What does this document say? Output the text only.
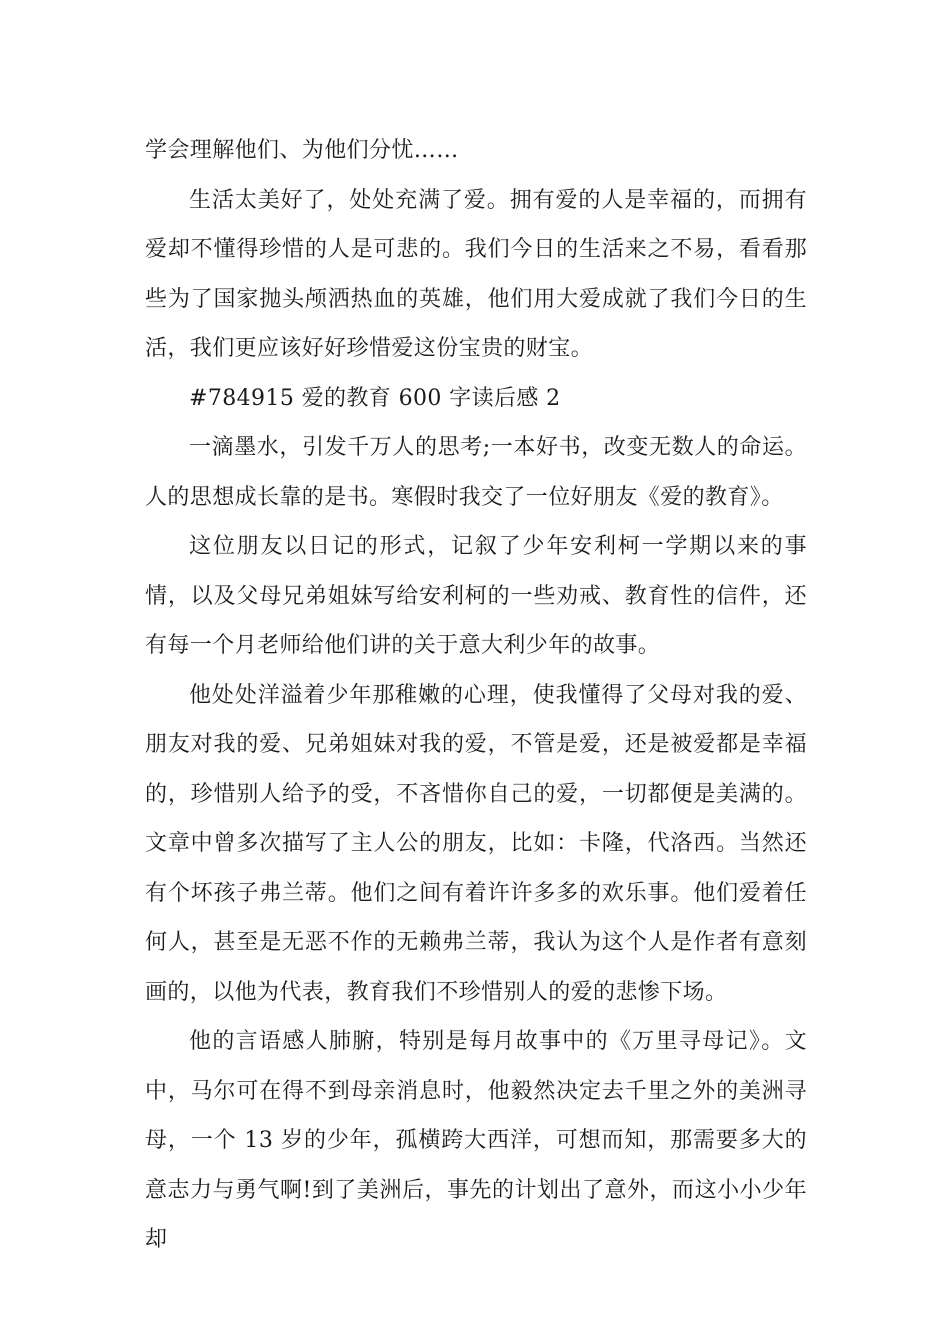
学会理解他们、为他们分忧……

生活太美好了，处处充满了爱。拥有爱的人是幸福的，而拥有爱却不懂得珍惜的人是可悲的。我们今日的生活来之不易，看看那些为了国家抛头颅洒热血的英雄，他们用大爱成就了我们今日的生活，我们更应该好好珍惜爱这份宝贵的财宝。

#784915 爱的教育 600 字读后感 2

一滴墨水，引发千万人的思考;一本好书，改变无数人的命运。人的思想成长靠的是书。寒假时我交了一位好朋友《爱的教育》。

这位朋友以日记的形式，记叙了少年安利柯一学期以来的事情，以及父母兄弟姐妹写给安利柯的一些劝戒、教育性的信件，还有每一个月老师给他们讲的关于意大利少年的故事。

他处处洋溢着少年那稚嫩的心理，使我懂得了父母对我的爱、朋友对我的爱、兄弟姐妹对我的爱，不管是爱，还是被爱都是幸福的，珍惜别人给予的受，不吝惜你自己的爱，一切都便是美满的。文章中曾多次描写了主人公的朋友，比如：卡隆，代洛西。当然还有个坏孩子弗兰蒂。他们之间有着许许多多的欢乐事。他们爱着任何人，甚至是无恶不作的无赖弗兰蒂，我认为这个人是作者有意刻画的，以他为代表，教育我们不珍惜别人的爱的悲惨下场。

他的言语感人肺腑，特别是每月故事中的《万里寻母记》。文中，马尔可在得不到母亲消息时，他毅然决定去千里之外的美洲寻母，一个 13 岁的少年，孤横跨大西洋，可想而知，那需要多大的意志力与勇气啊!到了美洲后，事先的计划出了意外，而这小小少年却
